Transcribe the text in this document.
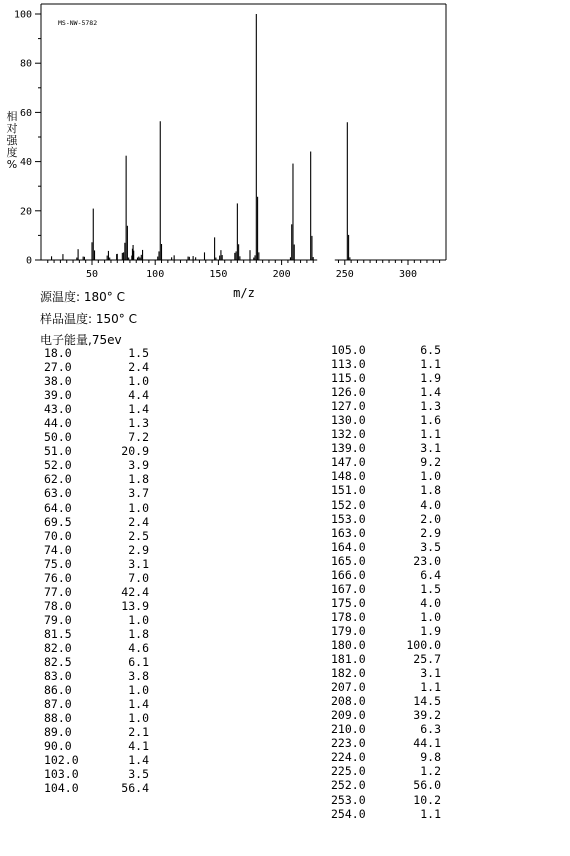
50	100	150	200	250	300
0
20
40
60
80
100
MS-NW-5782
m/z
相
对
强
度
%
源温度: 180° C
样品温度: 150° C
电子能量,75ev
18.0	1.5
27.0	2.4
38.0	1.0
39.0	4.4
43.0	1.4
44.0	1.3
50.0	7.2
51.0	20.9
52.0	3.9
62.0	1.8
63.0	3.7
64.0	1.0
69.5	2.4
70.0	2.5
74.0	2.9
75.0	3.1
76.0	7.0
77.0	42.4
78.0	13.9
79.0	1.0
81.5	1.8
82.0	4.6
82.5	6.1
83.0	3.8
86.0	1.0
87.0	1.4
88.0	1.0
89.0	2.1
90.0	4.1
102.0	1.4
103.0	3.5
104.0	56.4
105.0	6.5
113.0	1.1
115.0	1.9
126.0	1.4
127.0	1.3
130.0	1.6
132.0	1.1
139.0	3.1
147.0	9.2
148.0	1.0
151.0	1.8
152.0	4.0
153.0	2.0
163.0	2.9
164.0	3.5
165.0	23.0
166.0	6.4
167.0	1.5
175.0	4.0
178.0	1.0
179.0	1.9
180.0	100.0
181.0	25.7
182.0	3.1
207.0	1.1
208.0	14.5
209.0	39.2
210.0	6.3
223.0	44.1
224.0	9.8
225.0	1.2
252.0	56.0
253.0	10.2
254.0	1.1
